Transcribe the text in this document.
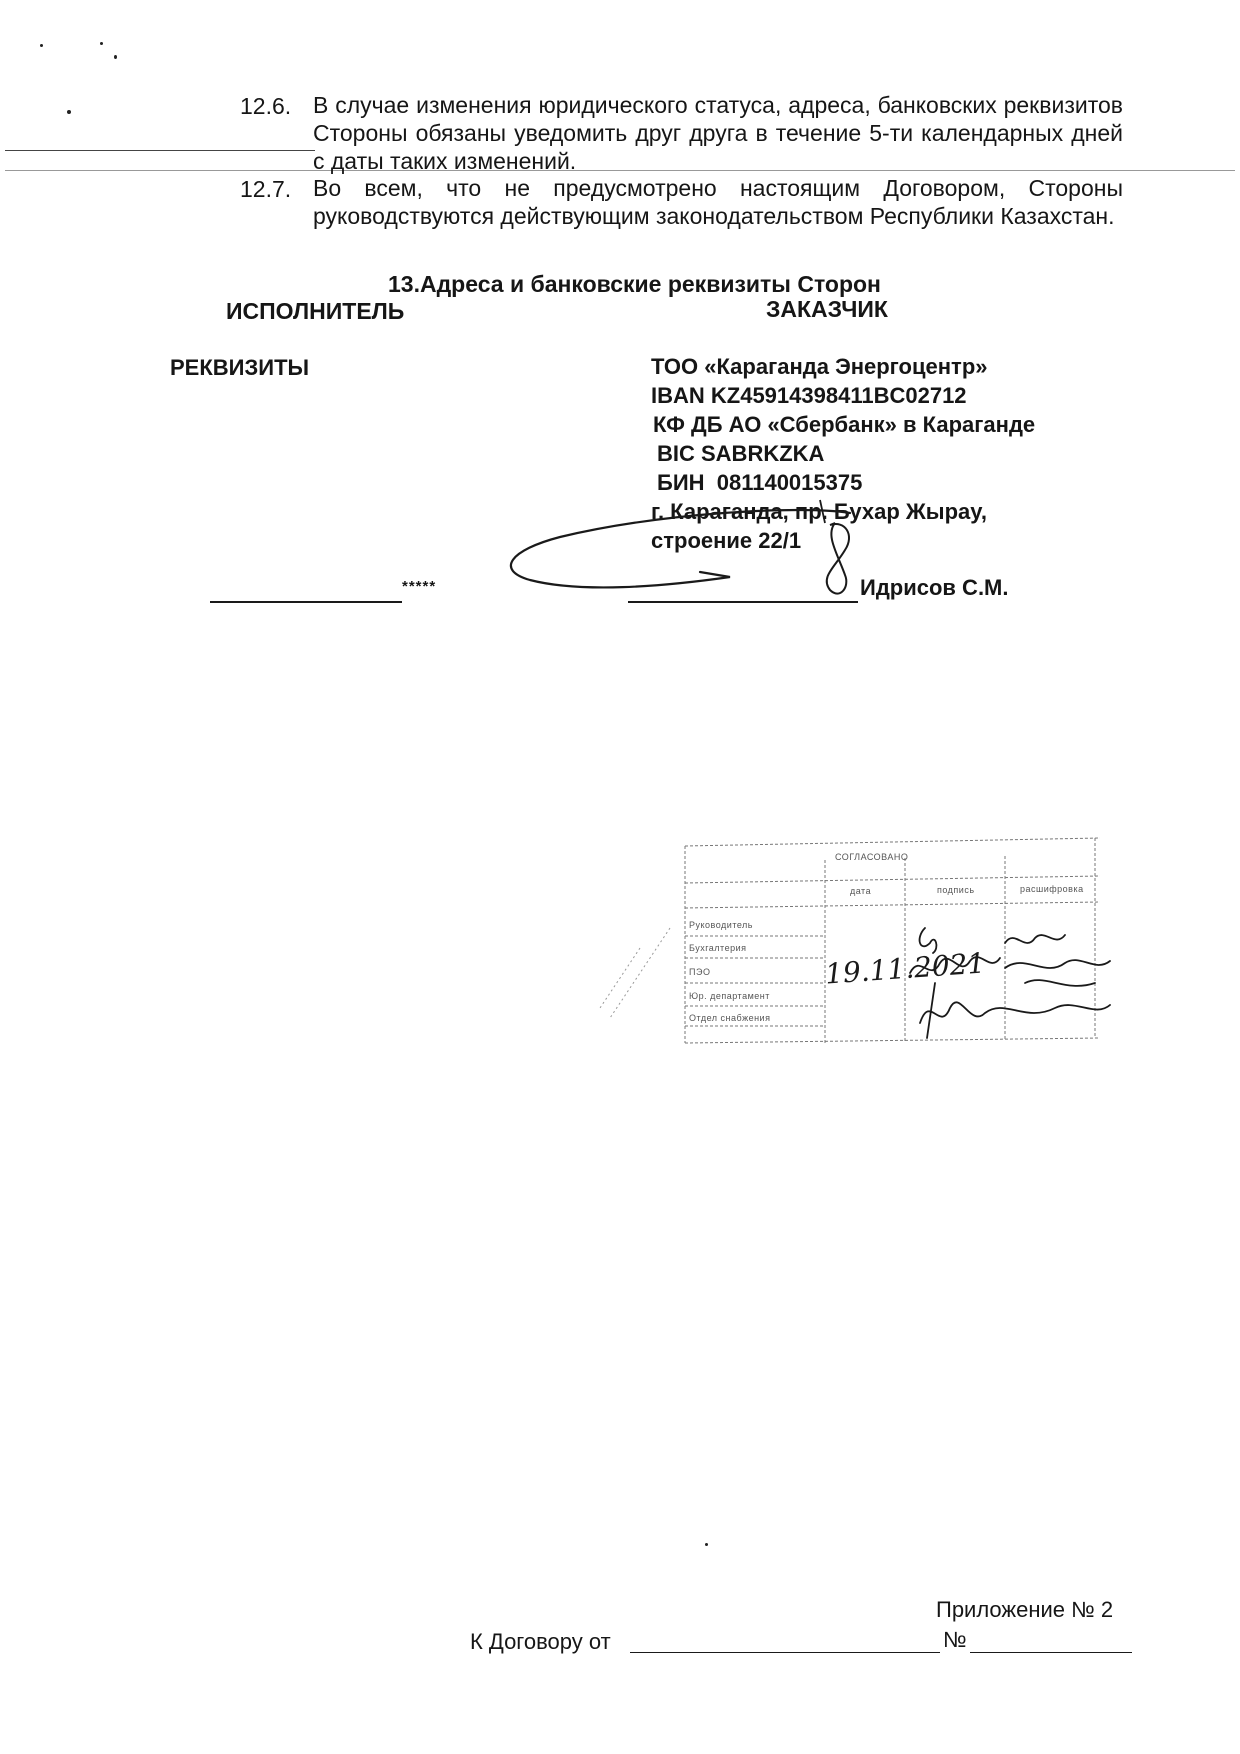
12.6. В случае изменения юридического статуса, адреса, банковских реквизитов Стороны обязаны уведомить друг друга в течение 5-ти календарных дней с даты таких изменений.
12.7. Во всем, что не предусмотрено настоящим Договором, Стороны руководствуются действующим законодательством Республики Казахстан.
13.Адреса и банковские реквизиты Сторон
ИСПОЛНИТЕЛЬ	ЗАКАЗЧИК
РЕКВИЗИТЫ	ТОО «Караганда Энергоцентр»
IBAN KZ45914398411BC02712
КФ ДБ АО «Сбербанк» в Караганде
BIC SABRKZKA
БИН  081140015375
г. Караганда, пр. Бухар Жырау,
строение 22/1
*****	Идрисов С.М.
СОГЛАСОВАНО
дата	подпись	расшифровка
Руководитель
Бухгалтерия
ПЭО
Юр. департамент
Отдел снабжения
19.11.2021
Приложение № 2
К Договору от	№
